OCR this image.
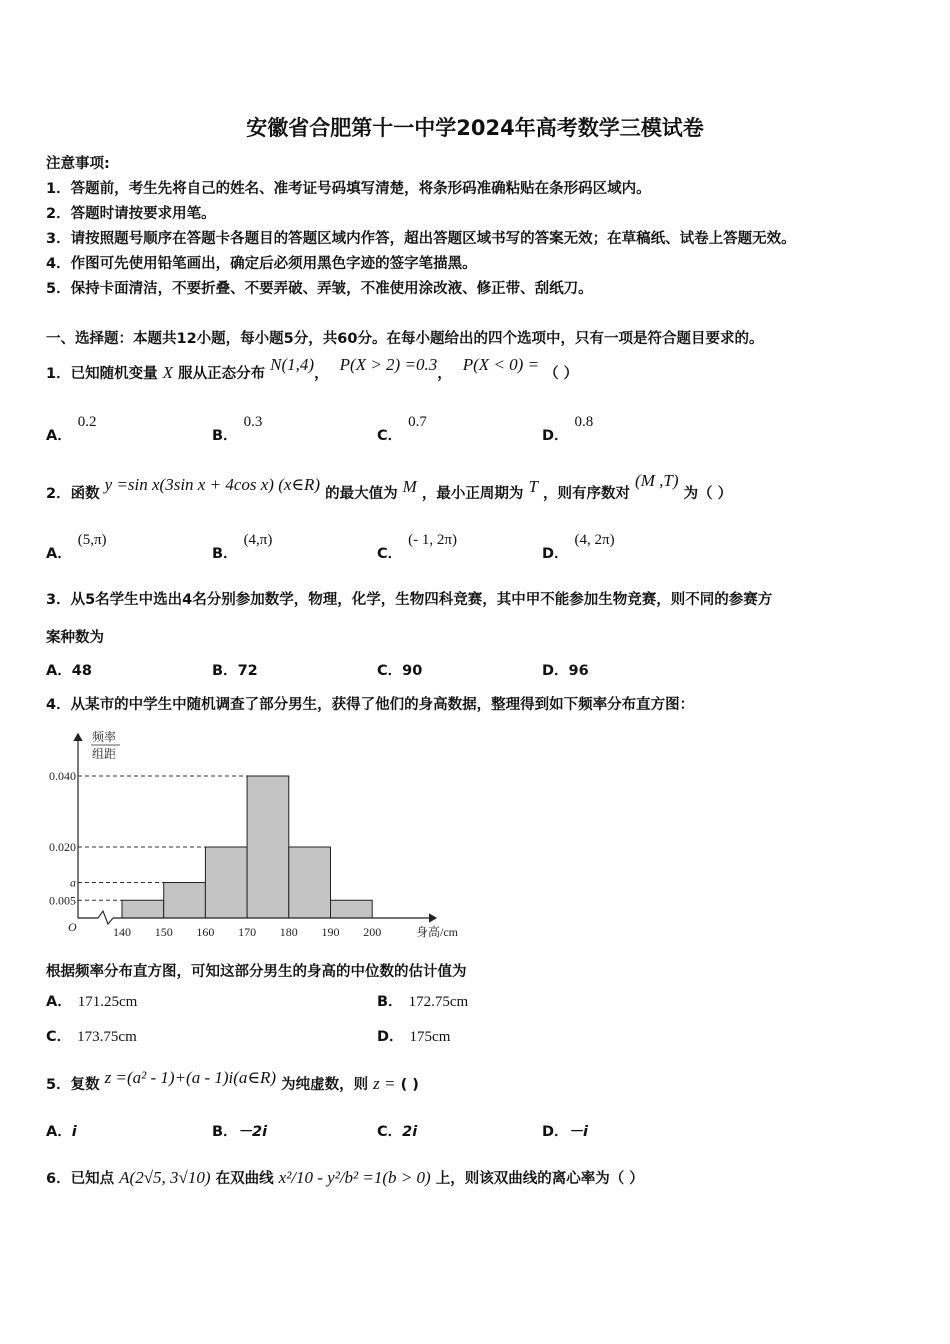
安徽省合肥第十一中学2024年高考数学三模试卷
注意事项:
1．答题前，考生先将自己的姓名、准考证号码填写清楚，将条形码准确粘贴在条形码区域内。
2．答题时请按要求用笔。
3．请按照题号顺序在答题卡各题目的答题区域内作答，超出答题区域书写的答案无效；在草稿纸、试卷上答题无效。
4．作图可先使用铅笔画出，确定后必须用黑色字迹的签字笔描黑。
5．保持卡面清洁，不要折叠、不要弄破、弄皱，不准使用涂改液、修正带、刮纸刀。
一、选择题：本题共12小题，每小题5分，共60分。在每小题给出的四个选项中，只有一项是符合题目要求的。
1．已知随机变量 X 服从正态分布 N(1,4)， P(X > 2) =0.3， P(X < 0) = （ ）
A．0.2
B．0.3
C．0.7
D．0.8
2．函数 y =sin x(3sin x + 4cos x) (x∈R) 的最大值为 M ，最小正周期为 T ，则有序数对 (M ,T) 为（ ）
A．(5,π)
B．(4,π)
C．(- 1, 2π)
D．(4, 2π)
3．从5名学生中选出4名分别参加数学，物理，化学，生物四科竞赛，其中甲不能参加生物竞赛，则不同的参赛方
案种数为
A．48	B．72	C．90	D．96
4．从某市的中学生中随机调查了部分男生，获得了他们的身高数据，整理得到如下频率分布直方图：
频率
组距
身高/cm
O	140 150 160 170 180 190 200
0.040
0.020
a
0.005
根据频率分布直方图，可知这部分男生的身高的中位数的估计值为
A． 171.25cm	B． 172.75cm
C． 173.75cm	D． 175cm
5．复数 z =(a² - 1)+(a - 1)i(a∈R) 为纯虚数，则 z = ( )
A．i	B．－2i	C．2i	D．－i
6．已知点 A(2√5, 3√10) 在双曲线 x²/10 - y²/b² =1(b > 0) 上，则该双曲线的离心率为（ ）
